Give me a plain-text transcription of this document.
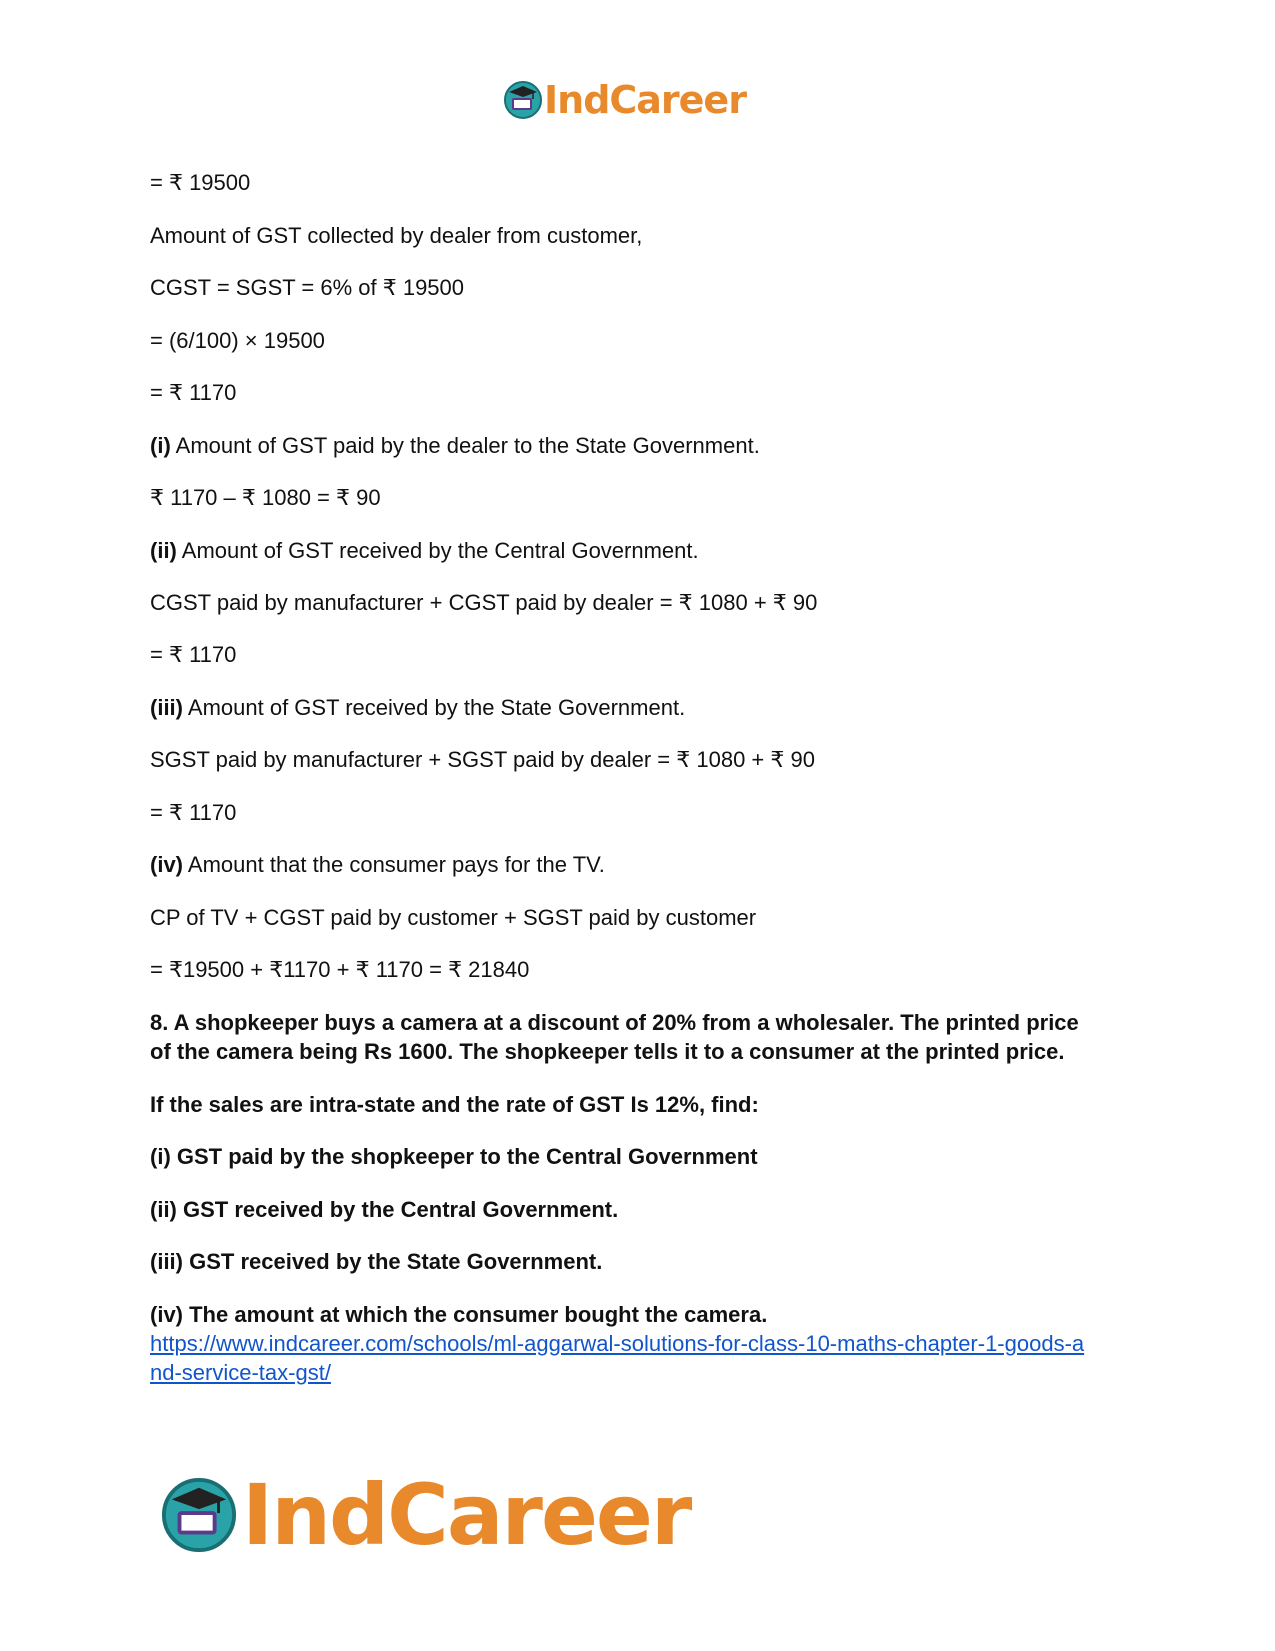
IndCareer
= ₹ 19500
Amount of GST collected by dealer from customer,
CGST = SGST = 6% of ₹ 19500
= (6/100) × 19500
= ₹ 1170
(i) Amount of GST paid by the dealer to the State Government.
₹ 1170 – ₹ 1080 = ₹ 90
(ii) Amount of GST received by the Central Government.
CGST paid by manufacturer + CGST paid by dealer = ₹ 1080 + ₹ 90
= ₹ 1170
(iii) Amount of GST received by the State Government.
SGST paid by manufacturer + SGST paid by dealer = ₹ 1080 + ₹ 90
= ₹ 1170
(iv) Amount that the consumer pays for the TV.
CP of TV + CGST paid by customer + SGST paid by customer
= ₹19500 + ₹1170 + ₹ 1170 = ₹ 21840
8. A shopkeeper buys a camera at a discount of 20% from a wholesaler. The printed price
of the camera being Rs 1600. The shopkeeper tells it to a consumer at the printed price.
If the sales are intra-state and the rate of GST Is 12%, find:
(i) GST paid by the shopkeeper to the Central Government
(ii) GST received by the Central Government.
(iii) GST received by the State Government.
(iv) The amount at which the consumer bought the camera.
https://www.indcareer.com/schools/ml-aggarwal-solutions-for-class-10-maths-chapter-1-goods-a
nd-service-tax-gst/
IndCareer
